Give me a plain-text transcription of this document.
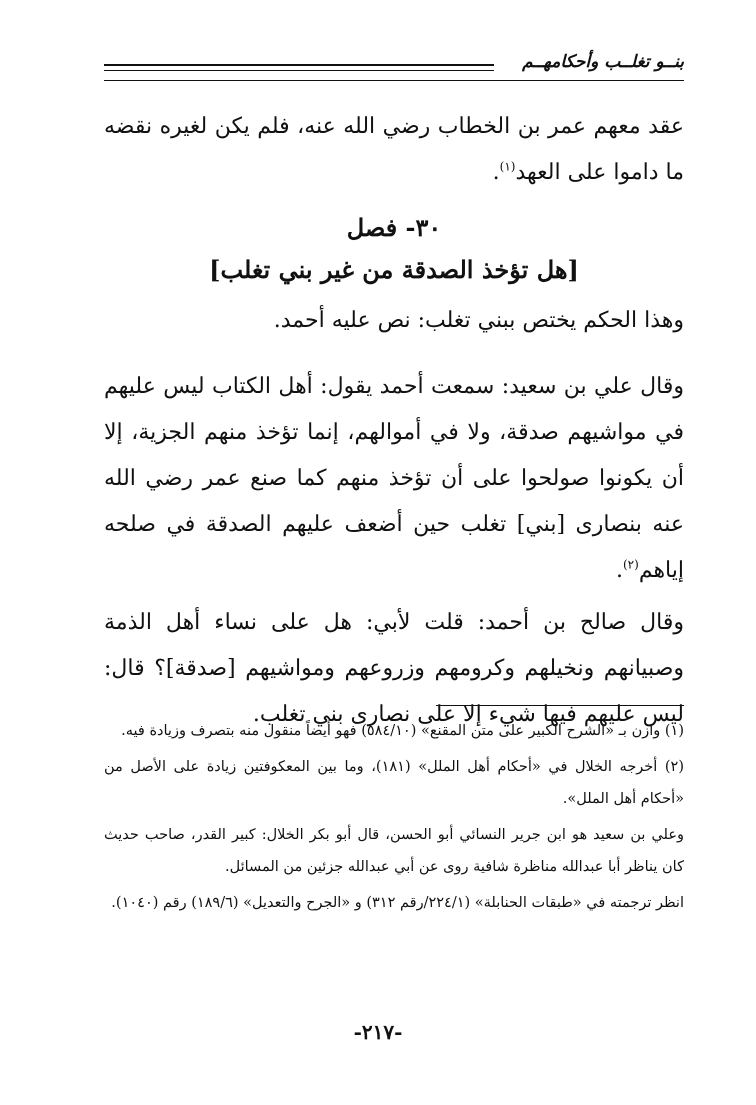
بنــو تغلــب وأحكامهــم

عقد معهم عمر بن الخطاب رضي الله عنه، فلم يكن لغيره نقضه ما داموا على العهد$^{(١)}$.

٣٠- فصل
[هل تؤخذ الصدقة من غير بني تغلب]

وهذا الحكم يختص ببني تغلب: نص عليه أحمد.

وقال علي بن سعيد: سمعت أحمد يقول: أهل الكتاب ليس عليهم في مواشيهم صدقة، ولا في أموالهم، إنما تؤخذ منهم الجزية، إلا أن يكونوا صولحوا على أن تؤخذ منهم كما صنع عمر رضي الله عنه بنصارى [بني] تغلب حين أضعف عليهم الصدقة في صلحه إياهم$^{(٢)}$.

وقال صالح بن أحمد: قلت لأبي: هل على نساء أهل الذمة وصبيانهم ونخيلهم وكرومهم وزروعهم ومواشيهم [صدقة]؟ قال: ليس عليهم فيها شيء إلا على نصارى بني تغلب.

(١) وازن بـ «الشرح الكبير على متن المقنع» (٥٨٤/١٠) فهو أيضاً منقول منه بتصرف وزيادة فيه.

(٢) أخرجه الخلال في «أحكام أهل الملل» (١٨١)، وما بين المعكوفتين زيادة على الأصل من «أحكام أهل الملل».

وعلي بن سعيد هو ابن جرير النسائي أبو الحسن، قال أبو بكر الخلال: كبير القدر، صاحب حديث كان يناظر أبا عبدالله مناظرة شافية روى عن أبي عبدالله جزئين من المسائل.

انظر ترجمته في «طبقات الحنابلة» (٢٢٤/١/رقم ٣١٢) و «الجرح والتعديل» (١٨٩/٦) رقم (١٠٤٠).

-٢١٧-
